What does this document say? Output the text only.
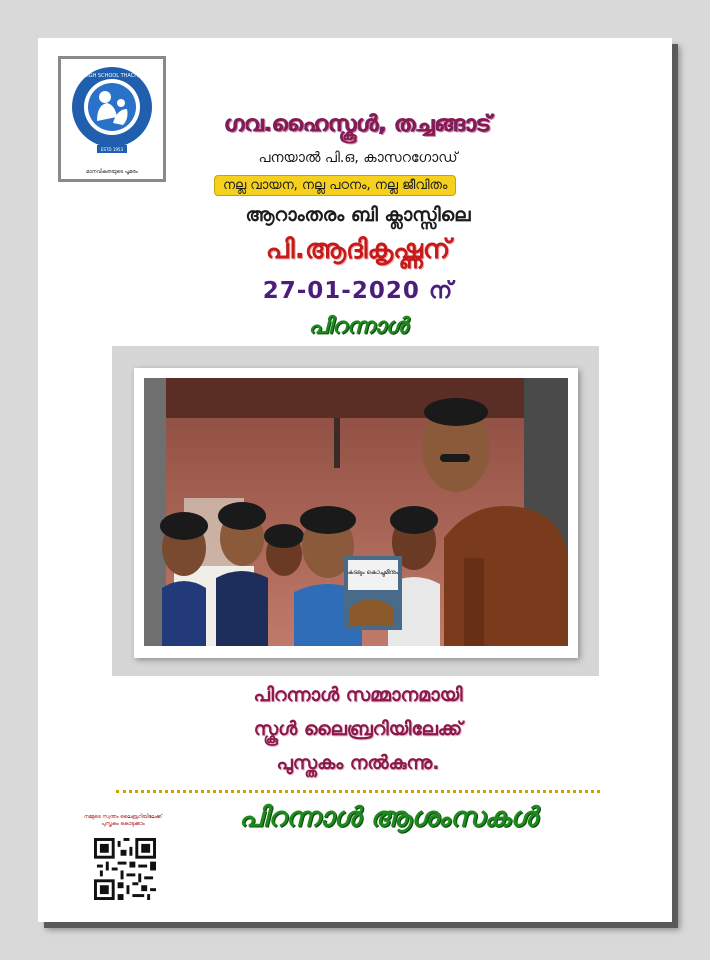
ESTD 1953
GOVT HIGH SCHOOL THACHANGAD
മാനവികതയുടെ പൂമരം
ഗവ.ഹൈസ്കൂൾ, തച്ചങ്ങാട്
പനയാൽ പി.ഒ, കാസറഗോഡ്
നല്ല വായന, നല്ല പഠനം, നല്ല ജീവിതം
ആറാംതരം ബി ക്ലാസ്സിലെ
പി.ആദികൃഷ്ണന്
27-01-2020 ന്
പിറന്നാൾ
കടലും കൊച്ചുമീനും
പിറന്നാൾ സമ്മാനമായി
സ്കൂൾ ലൈബ്രറിയിലേക്ക്
പുസ്തകം നൽകുന്നു.
നമ്മുടെ സ്വന്തം ലൈബ്രറിയിലേക്ക് പുസ്തകം കൊടുക്കാം	പിറന്നാൾ ആശംസകൾ
